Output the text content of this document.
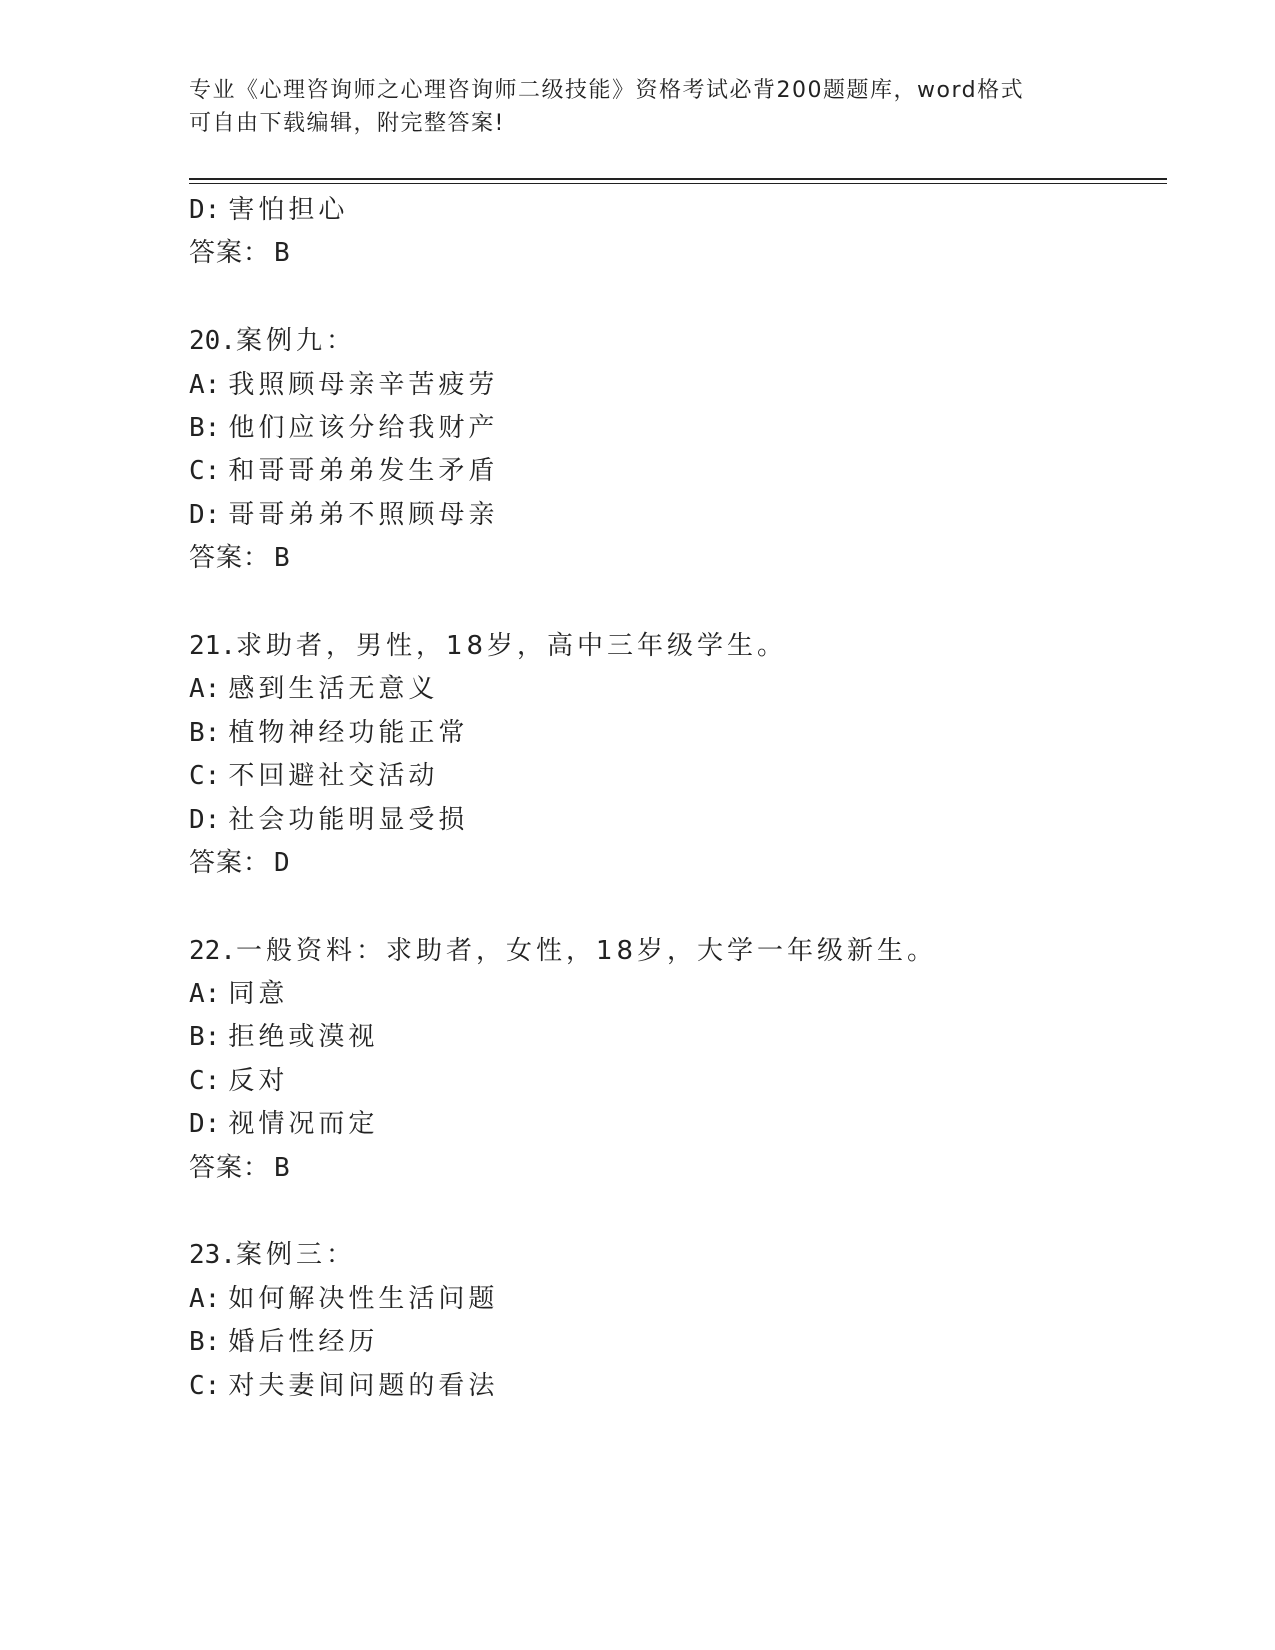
专业《心理咨询师之心理咨询师二级技能》资格考试必背200题题库，word格式
可自由下载编辑，附完整答案!
D: 害怕担心
答案： B
20.案例九：
A: 我照顾母亲辛苦疲劳
B: 他们应该分给我财产
C: 和哥哥弟弟发生矛盾
D: 哥哥弟弟不照顾母亲
答案： B
21.求助者，男性，18岁，高中三年级学生。
A: 感到生活无意义
B: 植物神经功能正常
C: 不回避社交活动
D: 社会功能明显受损
答案： D
22.一般资料：求助者，女性，18岁，大学一年级新生。
A: 同意
B: 拒绝或漠视
C: 反对
D: 视情况而定
答案： B
23.案例三：
A: 如何解决性生活问题
B: 婚后性经历
C: 对夫妻间问题的看法
